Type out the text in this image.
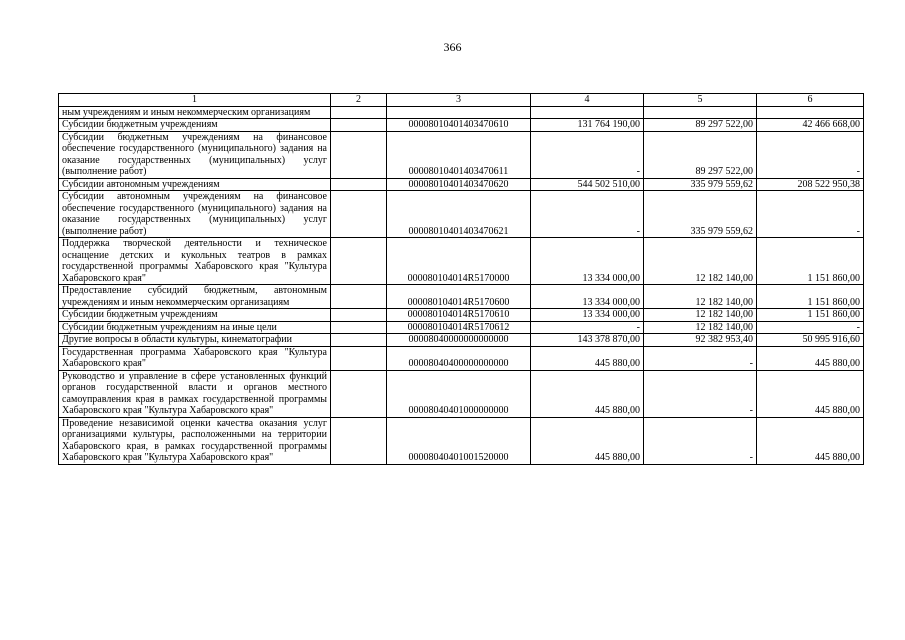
366
1	2	3	4	5	6
ным учреждениям и иным некоммерческим организациям					
Субсидии бюджетным учреждениям		00008010401403470610	131 764 190,00	89 297 522,00	42 466 668,00
Субсидии бюджетным учреждениям на финансовое обеспечение государственного (муниципального) задания на оказание государственных (муниципальных) услуг (выполнение работ)		00008010401403470611	-	89 297 522,00	-
Субсидии автономным учреждениям		00008010401403470620	544 502 510,00	335 979 559,62	208 522 950,38
Субсидии автономным учреждениям на финансовое обеспечение государственного (муниципального) задания на оказание государственных (муниципальных) услуг (выполнение работ)		00008010401403470621	-	335 979 559,62	-
Поддержка творческой деятельности и техническое оснащение детских и кукольных театров в рамках государственной программы Хабаровского края "Культура Хабаровского края"		000080104014R5170000	13 334 000,00	12 182 140,00	1 151 860,00
Предоставление субсидий бюджетным, автономным учреждениям и иным некоммерческим организациям		000080104014R5170600	13 334 000,00	12 182 140,00	1 151 860,00
Субсидии бюджетным учреждениям		000080104014R5170610	13 334 000,00	12 182 140,00	1 151 860,00
Субсидии бюджетным учреждениям на иные цели		000080104014R5170612	-	12 182 140,00	-
Другие вопросы в области культуры, кинематографии		00008040000000000000	143 378 870,00	92 382 953,40	50 995 916,60
Государственная программа Хабаровского края "Культура Хабаровского края"		00008040400000000000	445 880,00	-	445 880,00
Руководство и управление в сфере установленных функций органов государственной власти и органов местного самоуправления края в рамках государственной программы Хабаровского края "Культура Хабаровского края"		00008040401000000000	445 880,00	-	445 880,00
Проведение независимой оценки качества оказания услуг организациями культуры, расположенными на территории Хабаровского края, в рамках государственной программы Хабаровского края "Культура Хабаровского края"		00008040401001520000	445 880,00	-	445 880,00
